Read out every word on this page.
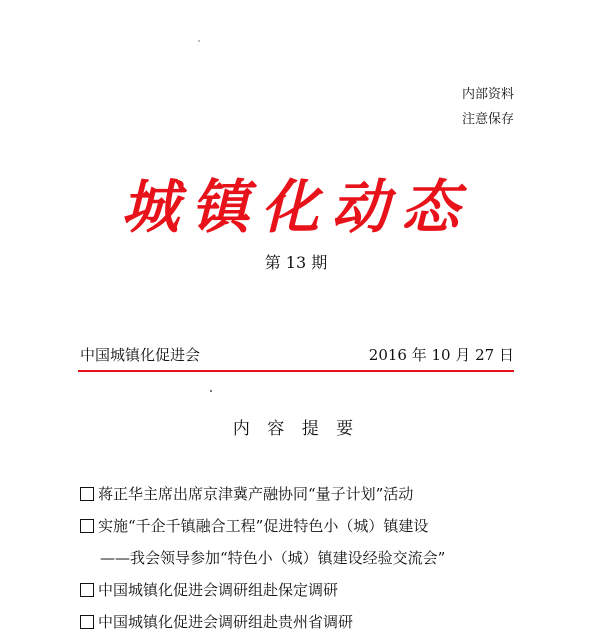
内部资料
注意保存
城镇化动态
第 13 期
中国城镇化促进会	2016 年 10 月 27 日
内 容 提 要
蒋正华主席出席京津冀产融协同“量子计划”活动
实施“千企千镇融合工程”促进特色小（城）镇建设
——我会领导参加“特色小（城）镇建设经验交流会”
中国城镇化促进会调研组赴保定调研
中国城镇化促进会调研组赴贵州省调研
